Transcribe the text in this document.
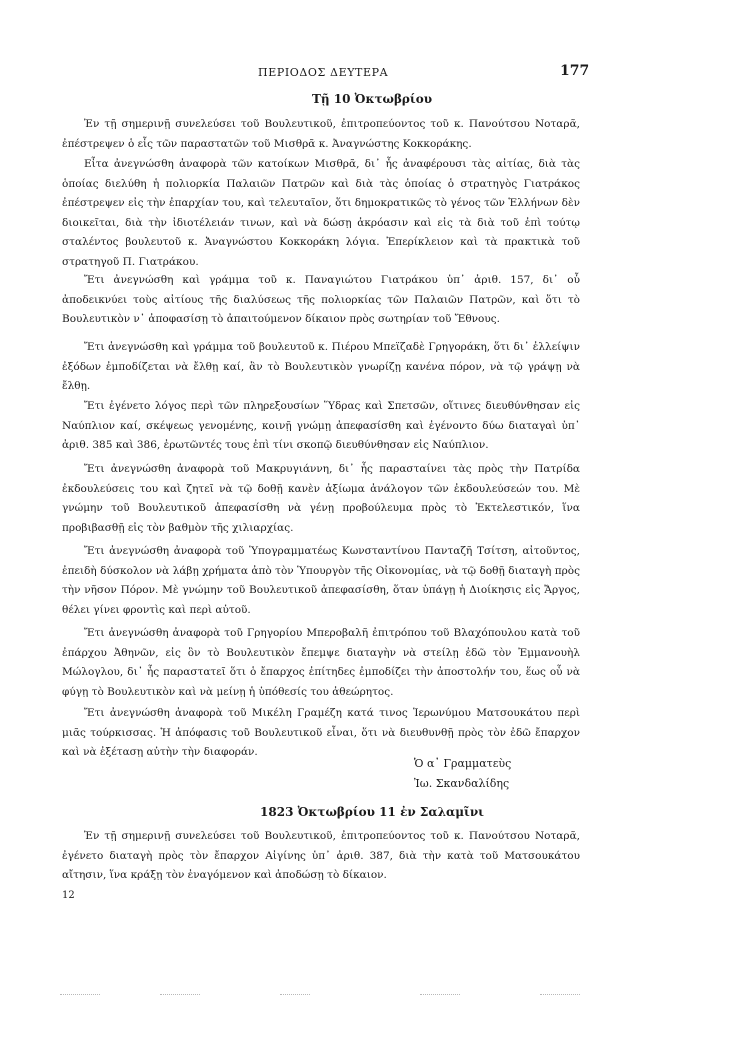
ΠΕΡΙΟΔΟΣ ΔΕΥΤΕΡΑ	177
Τῇ 10 Ὀκτωβρίου

Ἐν τῇ σημερινῇ συνελεύσει τοῦ Βουλευτικοῦ, ἐπιτροπεύοντος τοῦ κ. Πανούτσου Νοταρᾶ, ἐπέστρεψεν ὁ εἷς τῶν παραστατῶν τοῦ Μισθρᾶ κ. Ἀναγνώστης Κοκκοράκης.

Εἶτα ἀνεγνώσθη ἀναφορὰ τῶν κατοίκων Μισθρᾶ, δι᾽ ἧς ἀναφέρουσι τὰς αἰτίας, διὰ τὰς ὁποίας διελύθη ἡ πολιορκία Παλαιῶν Πατρῶν καὶ διὰ τὰς ὁποίας ὁ στρατηγὸς Γιατράκος ἐπέστρεψεν εἰς τὴν ἐπαρχίαν του, καὶ τελευταῖον, ὅτι δημοκρατικῶς τὸ γένος τῶν Ἑλλήνων δὲν διοικεῖται, διὰ τὴν ἰδιοτέλειάν τινων, καὶ νὰ δώσῃ ἀκρόασιν καὶ εἰς τὰ διὰ τοῦ ἐπὶ τούτῳ σταλέντος βουλευτοῦ κ. Ἀναγνώστου Κοκκοράκη λόγια. Ἐπερίκλειον καὶ τὰ πρακτικὰ τοῦ στρατηγοῦ Π. Γιατράκου.

Ἔτι ἀνεγνώσθη καὶ γράμμα τοῦ κ. Παναγιώτου Γιατράκου ὑπ᾽ ἀριθ. 157, δι᾽ οὗ ἀποδεικνύει τοὺς αἰτίους τῆς διαλύσεως τῆς πολιορκίας τῶν Παλαιῶν Πατρῶν, καὶ ὅτι τὸ Βουλευτικὸν ν᾽ ἀποφασίσῃ τὸ ἀπαιτούμενον δίκαιον πρὸς σωτηρίαν τοῦ Ἔθνους.

Ἔτι ἀνεγνώσθη καὶ γράμμα τοῦ βουλευτοῦ κ. Πιέρου Μπεϊζαδὲ Γρηγοράκη, ὅτι δι᾽ ἐλλείψιν ἐξόδων ἐμποδίζεται νὰ ἔλθῃ καί, ἂν τὸ Βουλευτικὸν γνωρίζῃ κανένα πόρον, νὰ τῷ γράψῃ νὰ ἔλθῃ.

Ἔτι ἐγένετο λόγος περὶ τῶν πληρεξουσίων Ὕδρας καὶ Σπετσῶν, οἵτινες διευθύνθησαν εἰς Ναύπλιον καί, σκέψεως γενομένης, κοινῇ γνώμῃ ἀπεφασίσθη καὶ ἐγένοντο δύω διαταγαὶ ὑπ᾽ ἀριθ. 385 καὶ 386, ἐρωτῶντές τους ἐπὶ τίνι σκοπῷ διευθύνθησαν εἰς Ναύπλιον.

Ἔτι ἀνεγνώσθη ἀναφορὰ τοῦ Μακρυγιάννη, δι᾽ ἧς παρασταίνει τὰς πρὸς τὴν Πατρίδα ἐκδουλεύσεις του καὶ ζητεῖ νὰ τῷ δοθῇ κανὲν ἀξίωμα ἀνάλογον τῶν ἐκδουλεύσεών του. Μὲ γνώμην τοῦ Βουλευτικοῦ ἀπεφασίσθη νὰ γένῃ προβούλευμα πρὸς τὸ Ἐκτελεστικόν, ἵνα προβιβασθῇ εἰς τὸν βαθμὸν τῆς χιλιαρχίας.

Ἔτι ἀνεγνώσθη ἀναφορὰ τοῦ Ὑπογραμματέως Κωνσταντίνου Πανταζῆ Τσίτση, αἰτοῦντος, ἐπειδὴ δύσκολον νὰ λάβῃ χρήματα ἀπὸ τὸν Ὑπουργὸν τῆς Οἰκονομίας, νὰ τῷ δοθῇ διαταγὴ πρὸς τὴν νῆσον Πόρον. Μὲ γνώμην τοῦ Βουλευτικοῦ ἀπεφασίσθη, ὅταν ὑπάγῃ ἡ Διοίκησις εἰς Ἄργος, θέλει γίνει φροντὶς καὶ περὶ αὐτοῦ.

Ἔτι ἀνεγνώσθη ἀναφορὰ τοῦ Γρηγορίου Μπεροβαλῆ ἐπιτρόπου τοῦ Βλαχόπουλου κατὰ τοῦ ἐπάρχου Ἀθηνῶν, εἰς ὃν τὸ Βουλευτικὸν ἔπεμψε διαταγὴν νὰ στείλῃ ἐδῶ τὸν Ἐμμανουὴλ Μώλογλου, δι᾽ ἧς παραστατεῖ ὅτι ὁ ἔπαρχος ἐπίτηδες ἐμποδίζει τὴν ἀποστολήν του, ἕως οὗ νὰ φύγῃ τὸ Βουλευτικὸν καὶ νὰ μείνῃ ἡ ὑπόθεσίς του ἀθεώρητος.

Ἔτι ἀνεγνώσθη ἀναφορὰ τοῦ Μικέλη Γραμέζη κατά τινος Ἱερωνύμου Ματσουκάτου περὶ μιᾶς τούρκισσας. Ἡ ἀπόφασις τοῦ Βουλευτικοῦ εἶναι, ὅτι νὰ διευθυνθῇ πρὸς τὸν ἐδῶ ἔπαρχον καὶ νὰ ἐξέτασῃ αὐτὴν τὴν διαφοράν.

Ὁ α᾽ Γραμματεὺς
Ἰω. Σκανδαλίδης
1823 Ὀκτωβρίου 11 ἐν Σαλαμῖνι

Ἐν τῇ σημερινῇ συνελεύσει τοῦ Βουλευτικοῦ, ἐπιτροπεύοντος τοῦ κ. Πανούτσου Νοταρᾶ, ἐγένετο διαταγὴ πρὸς τὸν ἔπαρχον Αἰγίνης ὑπ᾽ ἀριθ. 387, διὰ τὴν κατὰ τοῦ Ματσουκάτου αἴτησιν, ἵνα κράξῃ τὸν ἐναγόμενον καὶ ἀποδώσῃ τὸ δίκαιον.

12
